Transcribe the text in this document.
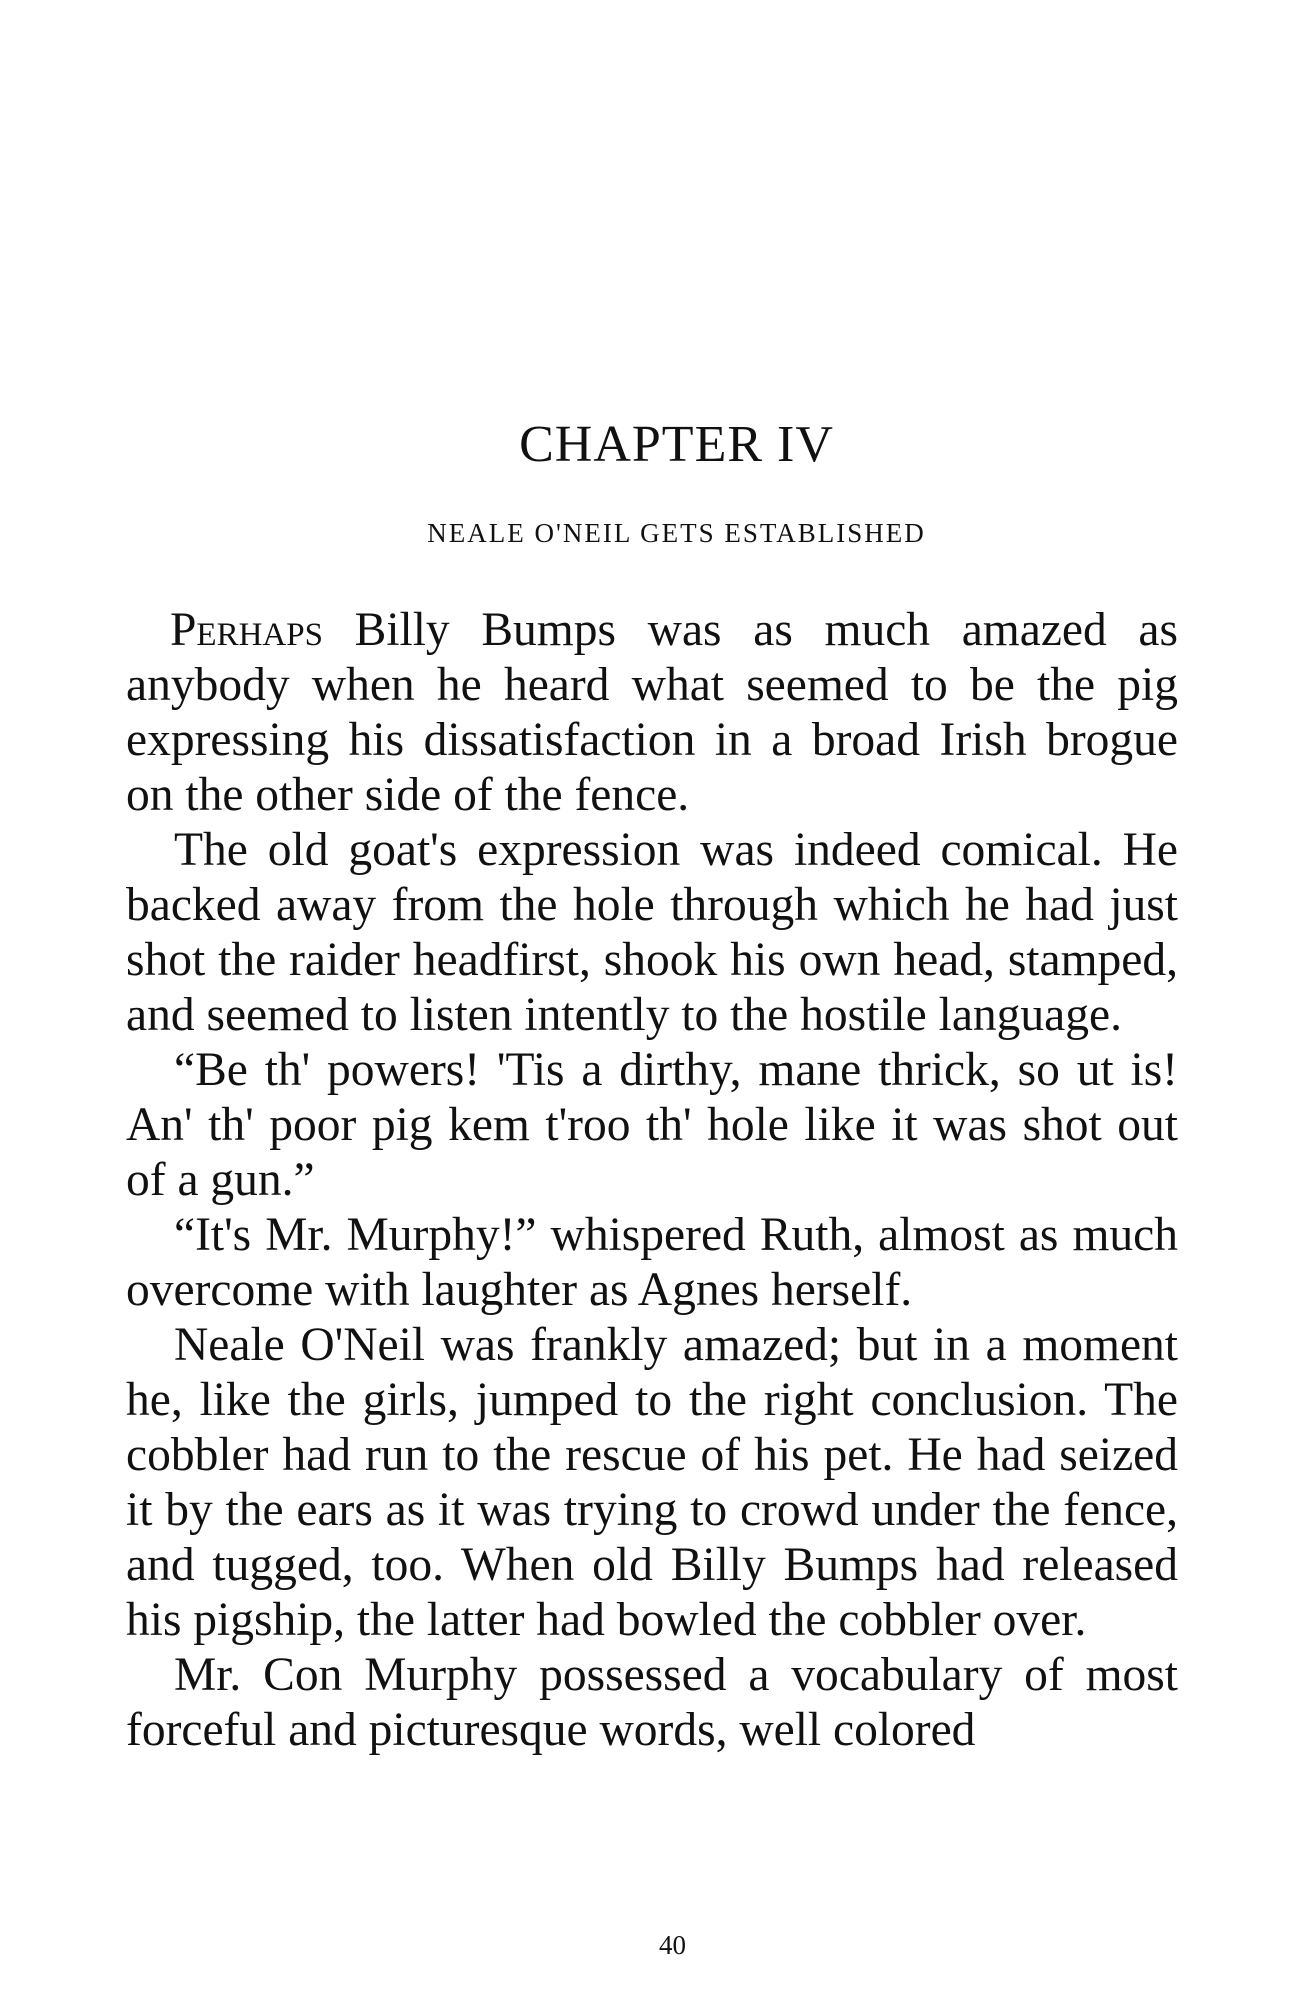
CHAPTER IV
NEALE O'NEIL GETS ESTABLISHED

Perhaps Billy Bumps was as much amazed as anybody when he heard what seemed to be the pig expressing his dissatisfaction in a broad Irish brogue on the other side of the fence.

The old goat's expression was indeed comical. He backed away from the hole through which he had just shot the raider headfirst, shook his own head, stamped, and seemed to listen intently to the hostile language.

“Be th' powers! 'Tis a dirthy, mane thrick, so ut is! An' th' poor pig kem t'roo th' hole like it was shot out of a gun.”

“It's Mr. Murphy!” whispered Ruth, almost as much overcome with laughter as Agnes herself.

Neale O'Neil was frankly amazed; but in a moment he, like the girls, jumped to the right conclusion. The cobbler had run to the rescue of his pet. He had seized it by the ears as it was trying to crowd under the fence, and tugged, too. When old Billy Bumps had released his pigship, the latter had bowled the cobbler over.

Mr. Con Murphy possessed a vocabulary of most forceful and picturesque words, well colored

40
